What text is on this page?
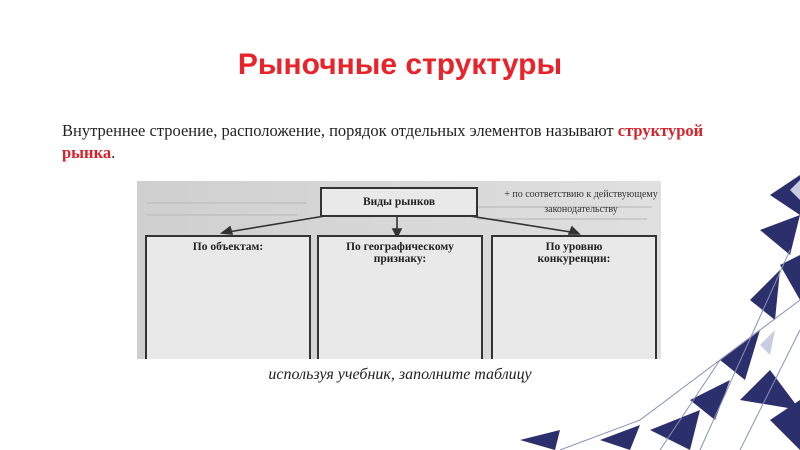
Рыночные структуры
Внутреннее строение, расположение, порядок отдельных элементов называют структурой рынка.
Виды рынков
По объектам:	По географическому
признаку:
По уровню
конкуренции:
+ по соответствию к действующему
законодательству
используя учебник, заполните таблицу
